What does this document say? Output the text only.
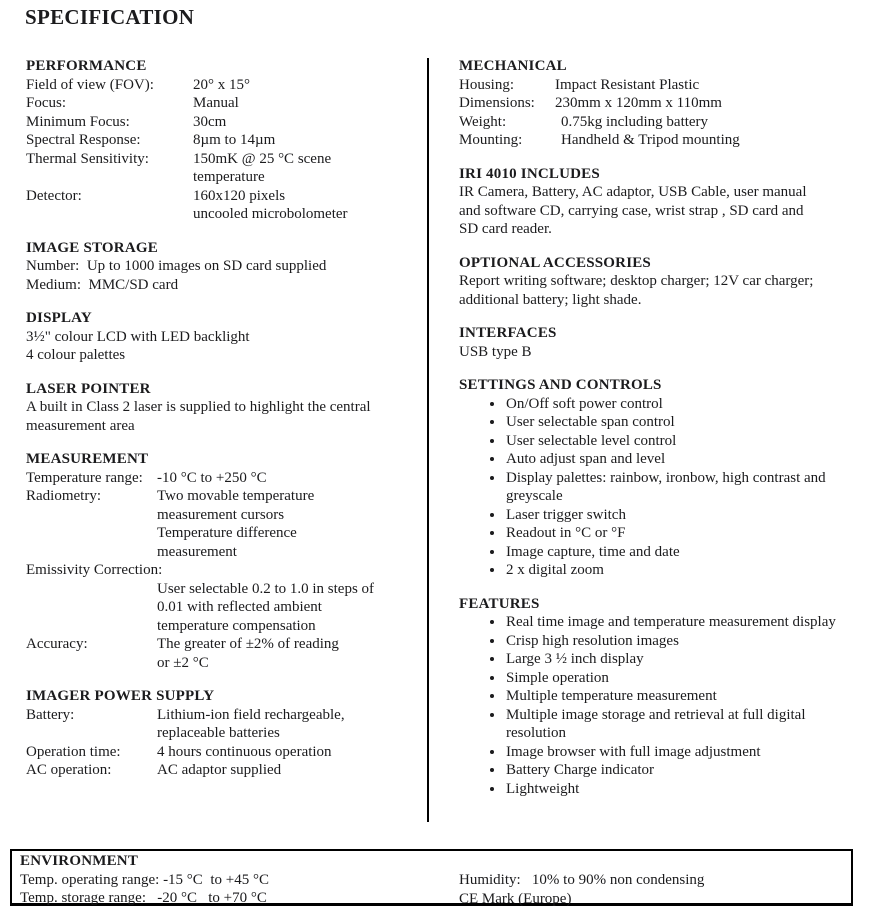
SPECIFICATION
PERFORMANCE
Field of view (FOV):	20° x 15°
Focus:	Manual
Minimum Focus:	30cm
Spectral Response:	8µm to 14µm
Thermal Sensitivity:	150mK @ 25 °C scene
temperature
Detector:	160x120 pixels
uncooled microbolometer
IMAGE STORAGE
Number:  Up to 1000 images on SD card supplied
Medium:  MMC/SD card
DISPLAY
3½" colour LCD with LED backlight
4 colour palettes
LASER POINTER
A built in Class 2 laser is supplied to highlight the central
measurement area
MEASUREMENT
Temperature range: -10 °C to +250 °C
Radiometry:	Two movable temperature
measurement cursors
Temperature difference
measurement
Emissivity Correction:
User selectable 0.2 to 1.0 in steps of
0.01 with reflected ambient
temperature compensation
Accuracy:	The greater of ±2% of reading
or ±2 °C
IMAGER POWER SUPPLY
Battery:	Lithium-ion field rechargeable,
replaceable batteries
Operation time:	4 hours continuous operation
AC operation:	AC adaptor supplied
MECHANICAL
Housing:	Impact Resistant Plastic
Dimensions:	230mm x 120mm x 110mm
Weight:	0.75kg including battery
Mounting:	Handheld & Tripod mounting
IRI 4010 INCLUDES
IR Camera, Battery, AC adaptor, USB Cable, user manual
and software CD, carrying case, wrist strap , SD card and
SD card reader.
OPTIONAL ACCESSORIES
Report writing software; desktop charger; 12V car charger;
additional battery; light shade.
INTERFACES
USB type B
SETTINGS AND CONTROLS
• On/Off soft power control
• User selectable span control
• User selectable level control
• Auto adjust span and level
• Display palettes: rainbow, ironbow, high contrast and greyscale
• Laser trigger switch
• Readout in °C or °F
• Image capture, time and date
• 2 x digital zoom
FEATURES
• Real time image and temperature measurement display
• Crisp high resolution images
• Large 3 ½ inch display
• Simple operation
• Multiple temperature measurement
• Multiple image storage and retrieval at full digital resolution
• Image browser with full image adjustment
• Battery Charge indicator
• Lightweight
ENVIRONMENT
Temp. operating range: -15 °C  to +45 °C
Temp. storage range:   -20 °C   to +70 °C
Humidity:   10% to 90% non condensing
CE Mark (Europe)
